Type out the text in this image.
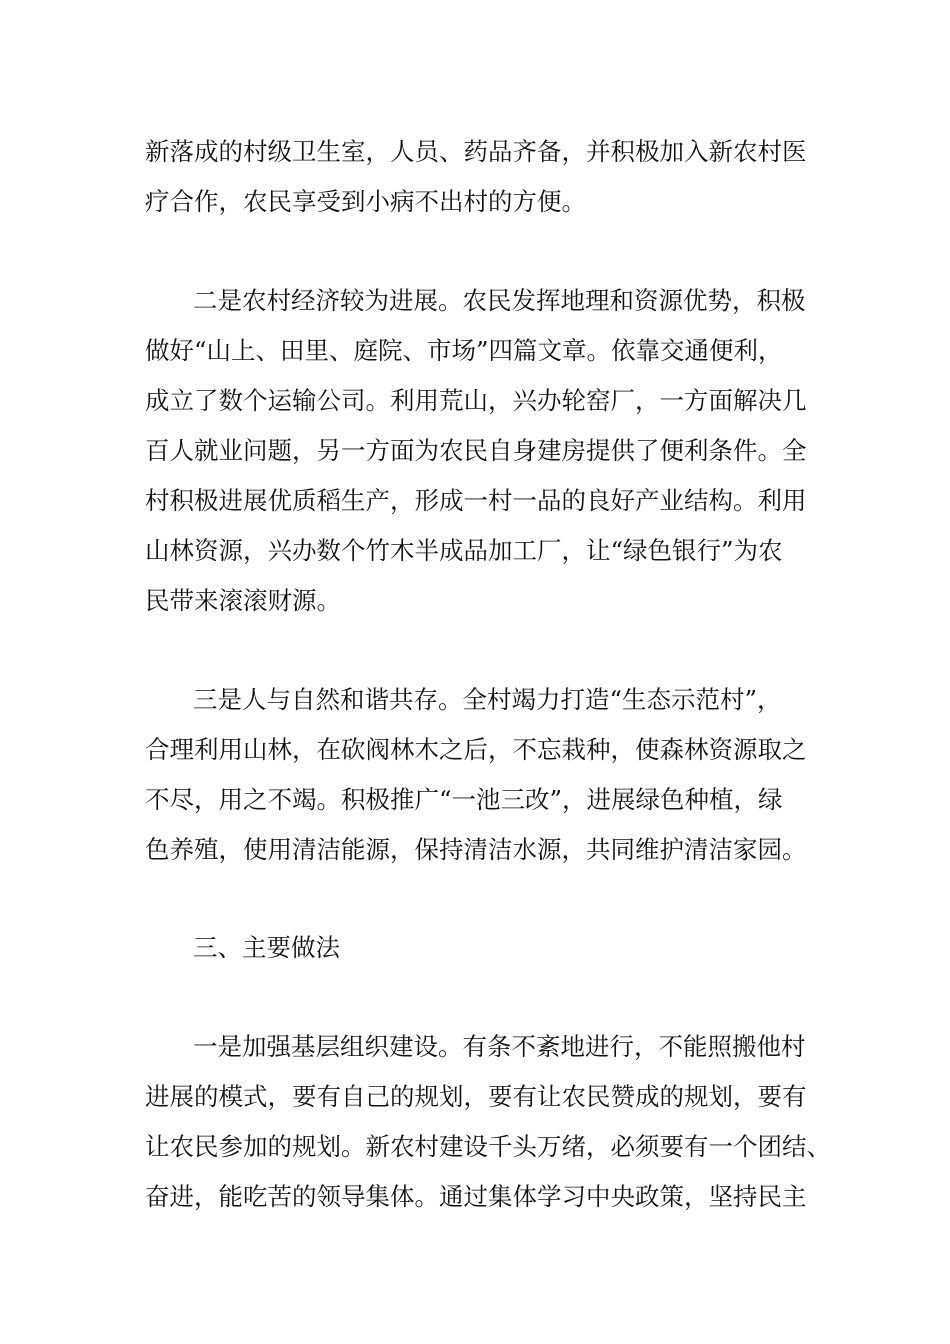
新落成的村级卫生室，人员、药品齐备，并积极加入新农村医
疗合作，农民享受到小病不出村的方便。
二是农村经济较为进展。农民发挥地理和资源优势，积极
做好“山上、田里、庭院、市场”四篇文章。依靠交通便利，
成立了数个运输公司。利用荒山，兴办轮窑厂，一方面解决几
百人就业问题，另一方面为农民自身建房提供了便利条件。全
村积极进展优质稻生产，形成一村一品的良好产业结构。利用
山林资源，兴办数个竹木半成品加工厂，让“绿色银行”为农
民带来滚滚财源。
三是人与自然和谐共存。全村竭力打造“生态示范村”，
合理利用山林，在砍阀林木之后，不忘栽种，使森林资源取之
不尽，用之不竭。积极推广“一池三改”，进展绿色种植，绿
色养殖，使用清洁能源，保持清洁水源，共同维护清洁家园。
三、主要做法
一是加强基层组织建设。有条不紊地进行，不能照搬他村
进展的模式，要有自己的规划，要有让农民赞成的规划，要有
让农民参加的规划。新农村建设千头万绪，必须要有一个团结、
奋进，能吃苦的领导集体。通过集体学习中央政策，坚持民主
